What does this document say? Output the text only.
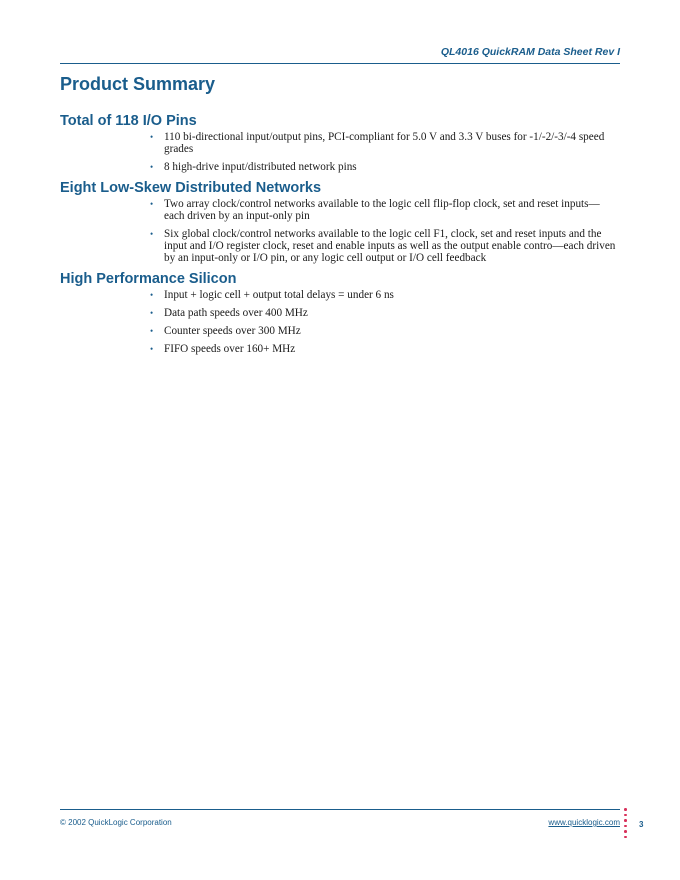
QL4016 QuickRAM Data Sheet Rev I
Product Summary
Total of 118 I/O Pins
• 110 bi-directional input/output pins, PCI-compliant for 5.0 V and 3.3 V buses for -1/-2/-3/-4 speed grades
• 8 high-drive input/distributed network pins
Eight Low-Skew Distributed Networks
• Two array clock/control networks available to the logic cell flip-flop clock, set and reset inputs—each driven by an input-only pin
• Six global clock/control networks available to the logic cell F1, clock, set and reset inputs and the input and I/O register clock, reset and enable inputs as well as the output enable contro—each driven by an input-only or I/O pin, or any logic cell output or I/O cell feedback
High Performance Silicon
• Input + logic cell + output total delays = under 6 ns
• Data path speeds over 400 MHz
• Counter speeds over 300 MHz
• FIFO speeds over 160+ MHz
© 2002 QuickLogic Corporation	www.quicklogic.com 3
